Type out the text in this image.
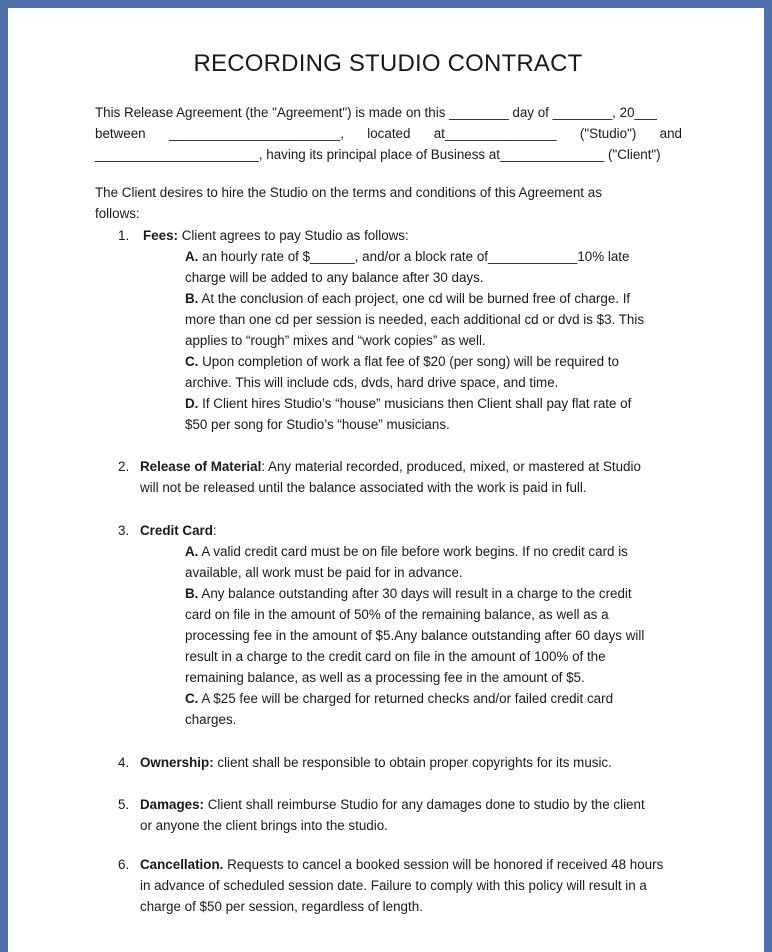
RECORDING STUDIO CONTRACT
This Release Agreement (the "Agreement") is made on this ________ day of ________, 20___
between _______________________, located at_______________ ("Studio") and
______________________, having its principal place of Business at______________ ("Client")
The Client desires to hire the Studio on the terms and conditions of this Agreement as
follows:
1. Fees: Client agrees to pay Studio as follows:
A. an hourly rate of $______, and/or a block rate of____________10% late
charge will be added to any balance after 30 days.
B. At the conclusion of each project, one cd will be burned free of charge. If
more than one cd per session is needed, each additional cd or dvd is $3. This
applies to “rough” mixes and “work copies” as well.
C. Upon completion of work a flat fee of $20 (per song) will be required to
archive. This will include cds, dvds, hard drive space, and time.
D. If Client hires Studio’s “house” musicians then Client shall pay flat rate of
$50 per song for Studio’s “house” musicians.
2. Release of Material: Any material recorded, produced, mixed, or mastered at Studio
will not be released until the balance associated with the work is paid in full.
3. Credit Card:
A. A valid credit card must be on file before work begins. If no credit card is
available, all work must be paid for in advance.
B. Any balance outstanding after 30 days will result in a charge to the credit
card on file in the amount of 50% of the remaining balance, as well as a
processing fee in the amount of $5.Any balance outstanding after 60 days will
result in a charge to the credit card on file in the amount of 100% of the
remaining balance, as well as a processing fee in the amount of $5.
C. A $25 fee will be charged for returned checks and/or failed credit card
charges.
4. Ownership: client shall be responsible to obtain proper copyrights for its music.
5. Damages: Client shall reimburse Studio for any damages done to studio by the client
or anyone the client brings into the studio.
6. Cancellation. Requests to cancel a booked session will be honored if received 48 hours
in advance of scheduled session date. Failure to comply with this policy will result in a
charge of $50 per session, regardless of length.
